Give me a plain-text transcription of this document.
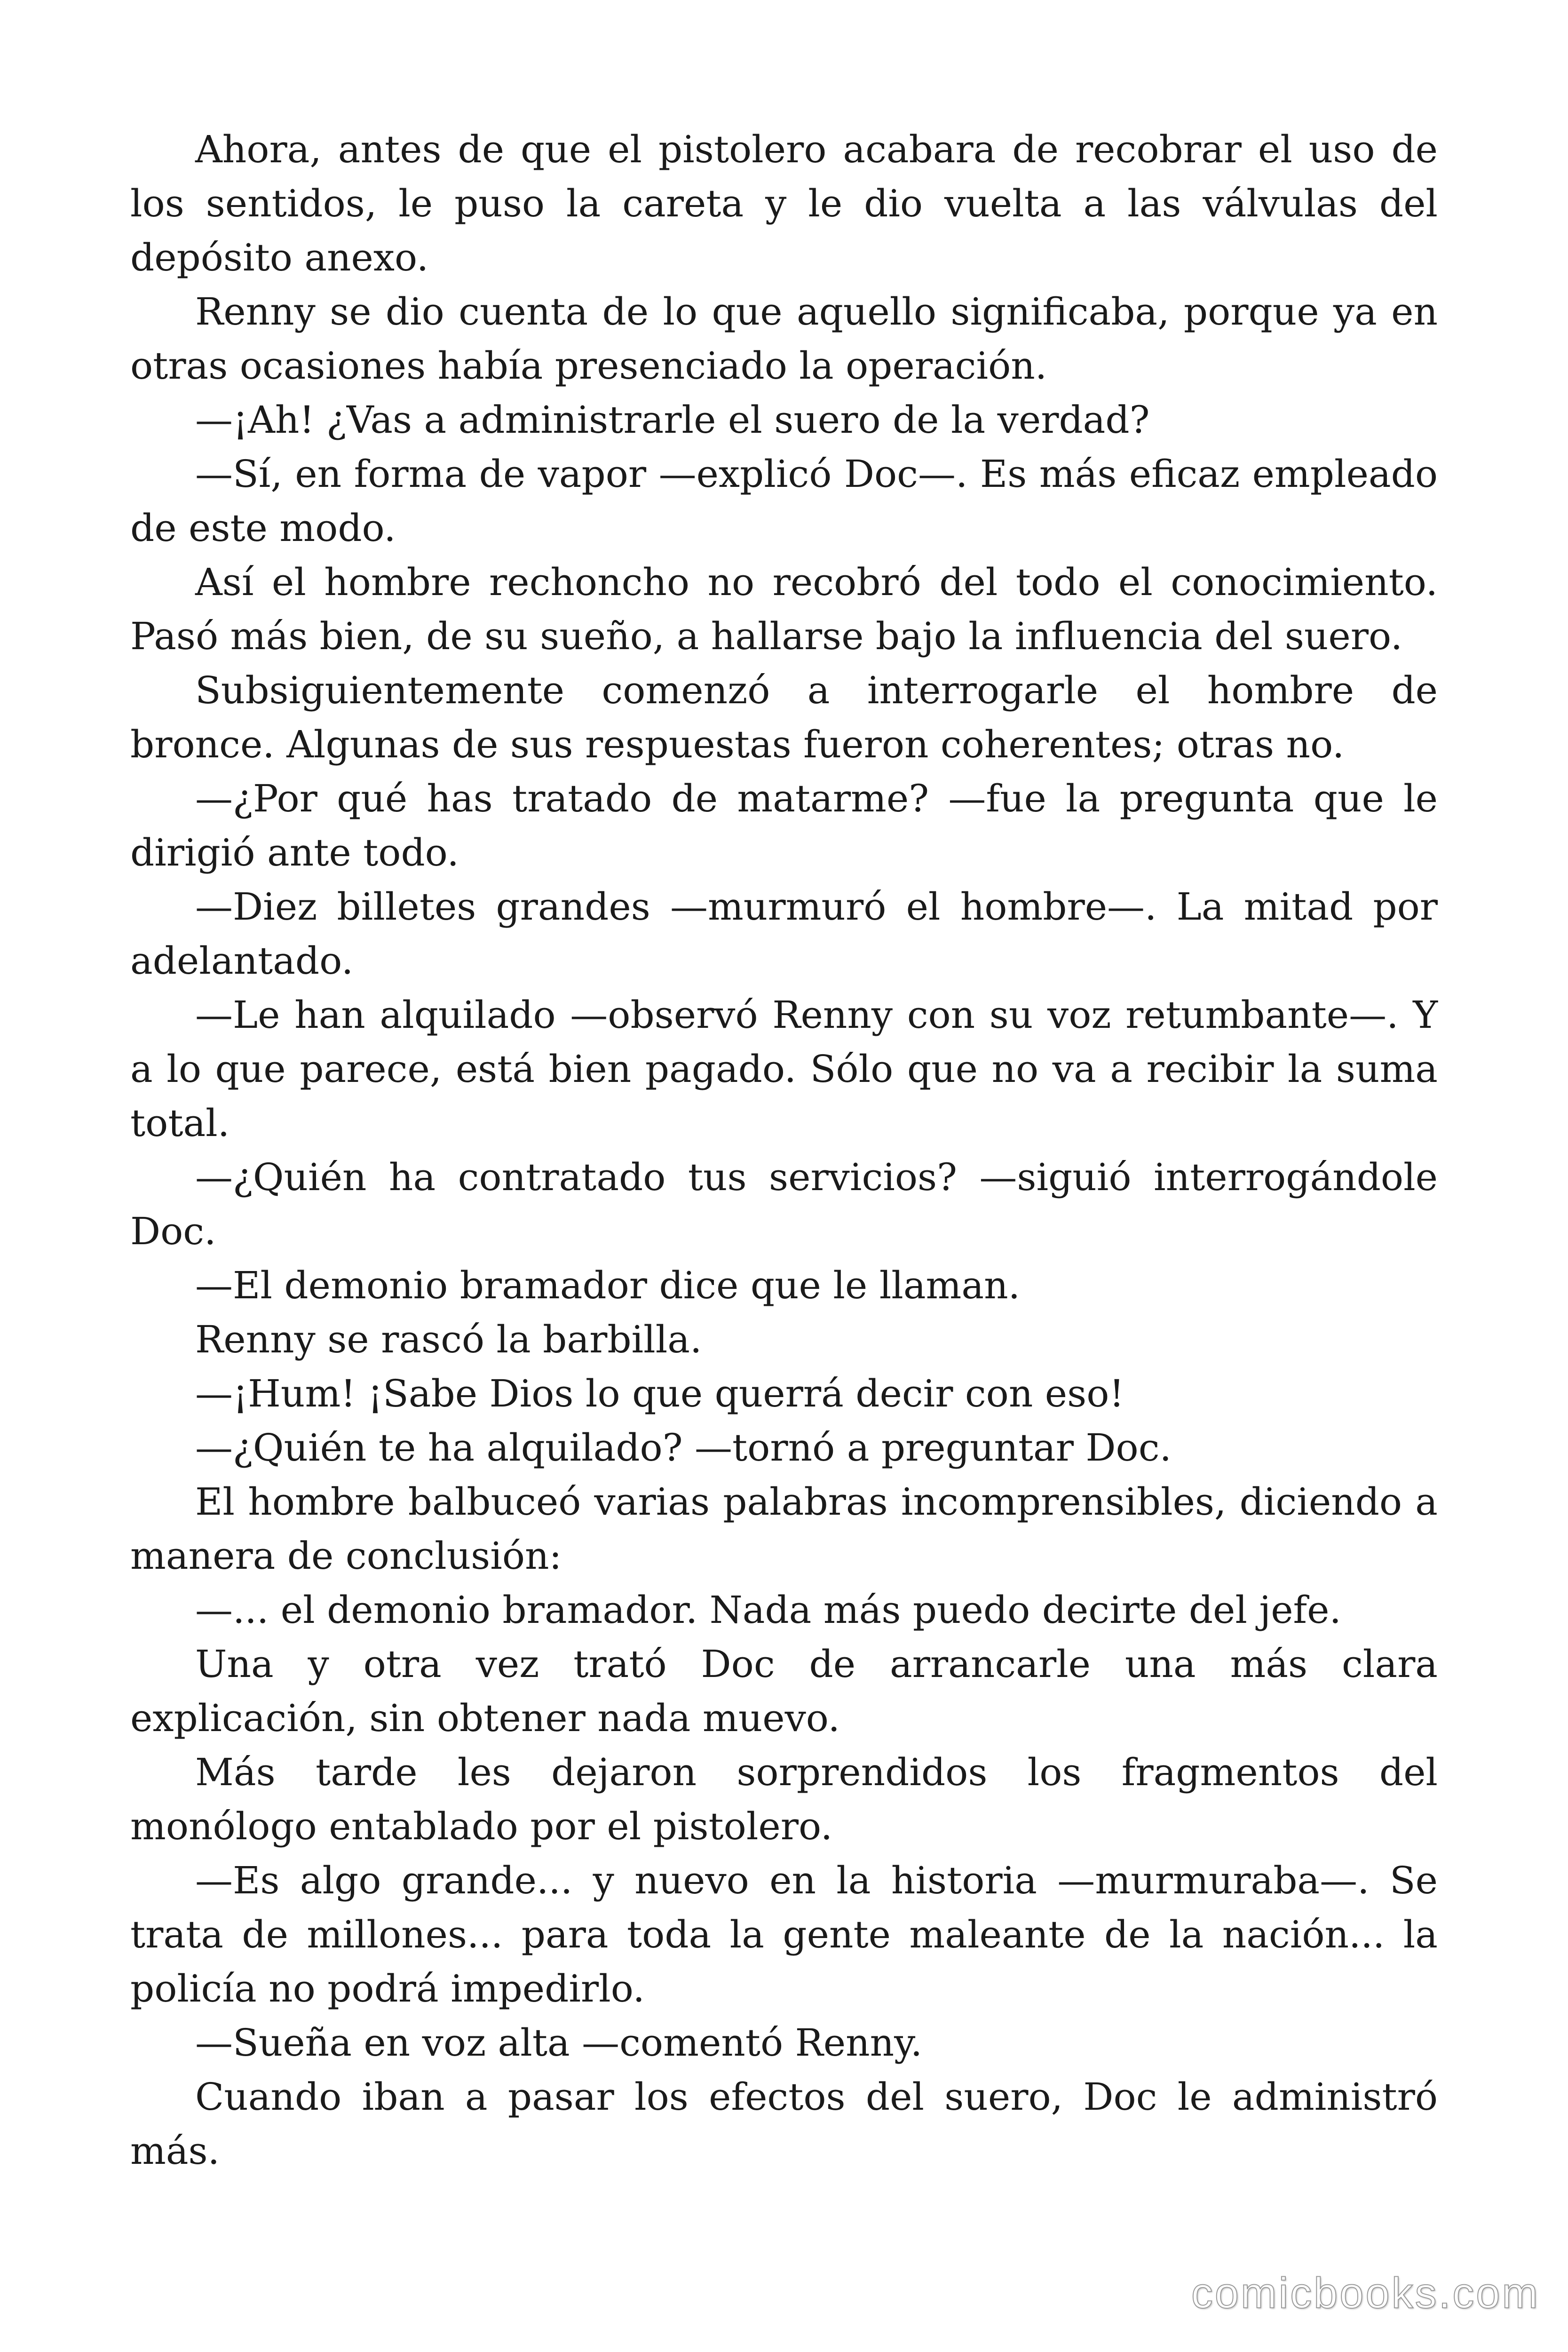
Ahora, antes de que el pistolero acabara de recobrar el uso de los sentidos, le puso la careta y le dio vuelta a las válvulas del depósito anexo.

Renny se dio cuenta de lo que aquello significaba, porque ya en otras ocasiones había presenciado la operación.

—¡Ah! ¿Vas a administrarle el suero de la verdad?

—Sí, en forma de vapor —explicó Doc—. Es más eficaz empleado de este modo.

Así el hombre rechoncho no recobró del todo el conocimiento. Pasó más bien, de su sueño, a hallarse bajo la influencia del suero.

Subsiguientemente comenzó a interrogarle el hombre de bronce. Algunas de sus respuestas fueron coherentes; otras no.

—¿Por qué has tratado de matarme? —fue la pregunta que le dirigió ante todo.

—Diez billetes grandes —murmuró el hombre—. La mitad por adelantado.

—Le han alquilado —observó Renny con su voz retumbante—. Y a lo que parece, está bien pagado. Sólo que no va a recibir la suma total.

—¿Quién ha contratado tus servicios? —siguió interrogándole Doc.

—El demonio bramador dice que le llaman.

Renny se rascó la barbilla.

—¡Hum! ¡Sabe Dios lo que querrá decir con eso!

—¿Quién te ha alquilado? —tornó a preguntar Doc.

El hombre balbuceó varias palabras incomprensibles, diciendo a manera de conclusión:

—... el demonio bramador. Nada más puedo decirte del jefe.

Una y otra vez trató Doc de arrancarle una más clara explicación, sin obtener nada muevo.

Más tarde les dejaron sorprendidos los fragmentos del monólogo entablado por el pistolero.

—Es algo grande... y nuevo en la historia —murmuraba—. Se trata de millones... para toda la gente maleante de la nación... la policía no podrá impedirlo.

—Sueña en voz alta —comentó Renny.

Cuando iban a pasar los efectos del suero, Doc le administró más.

comicbooks.com
